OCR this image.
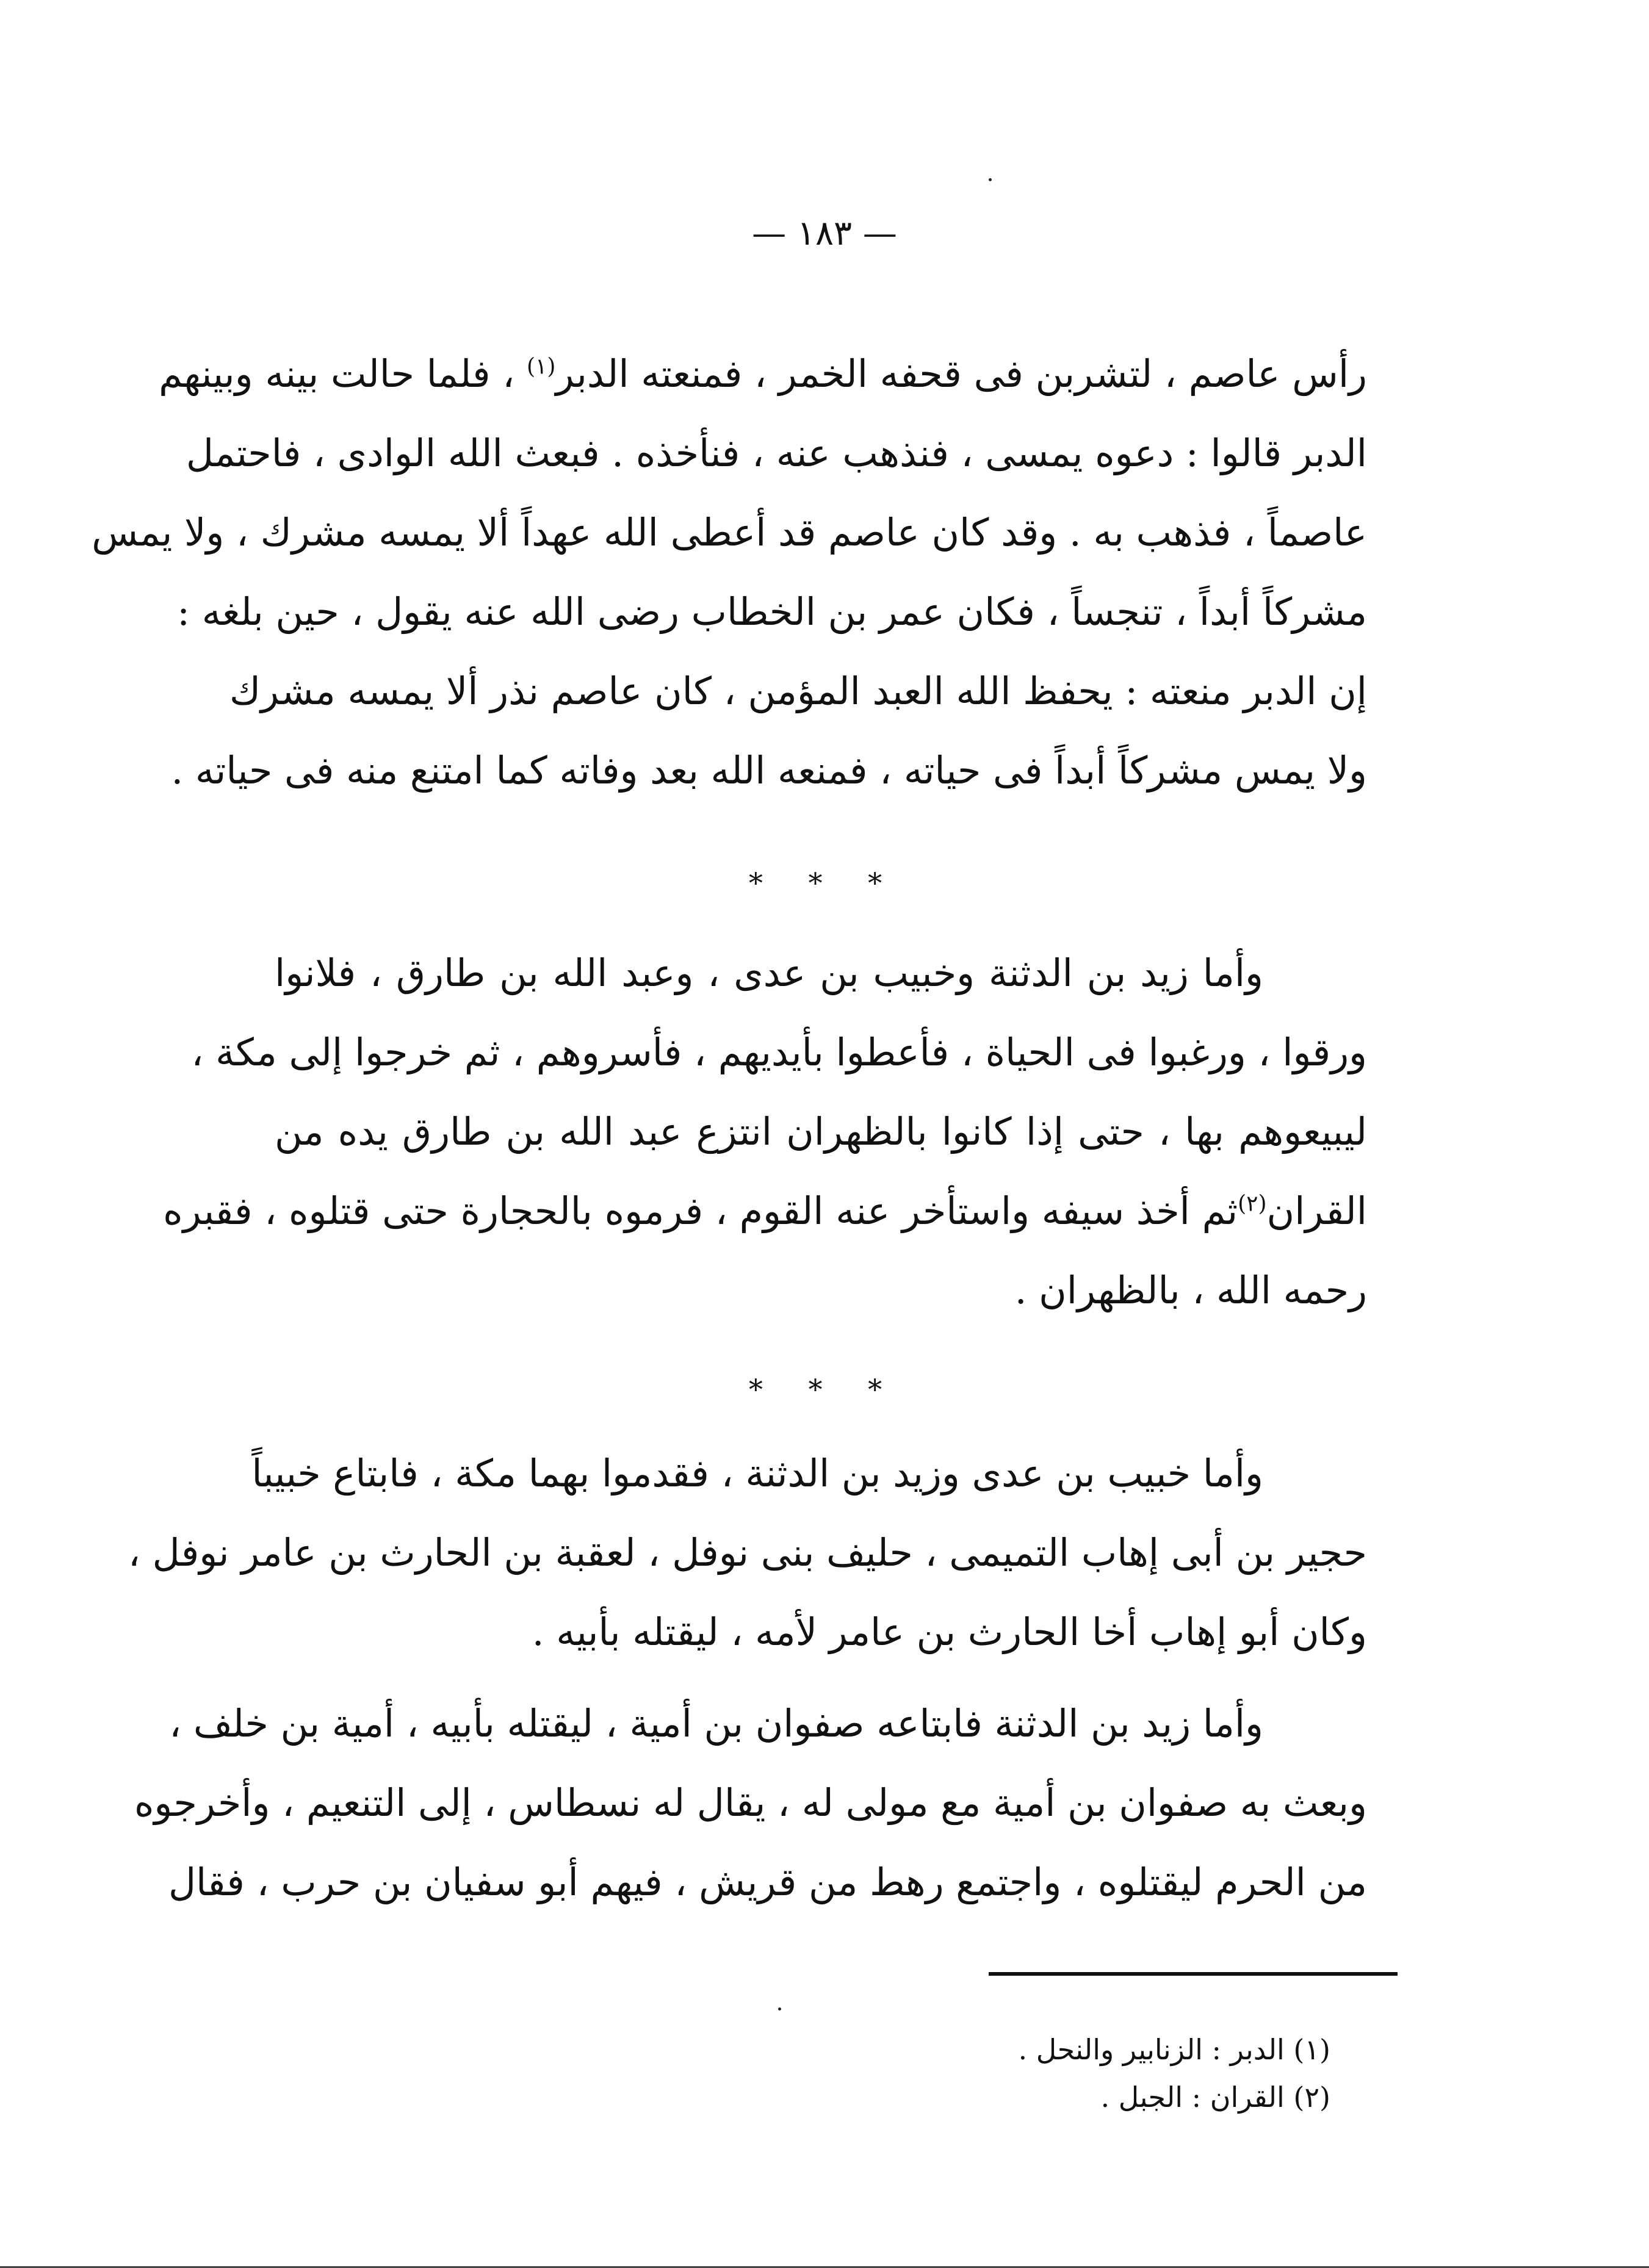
— ١٨٣ —
رأس عاصم ، لتشربن فى قحفه الخمر ، فمنعته الدبر$^{(١)}$ ، فلما حالت بينه وبينهم
الدبر قالوا : دعوه يمسى ، فنذهب عنه ، فنأخذه . فبعث الله الوادى ، فاحتمل
عاصماً ، فذهب به . وقد كان عاصم قد أعطى الله عهداً ألا يمسه مشرك ، ولا يمس
مشركاً أبداً ، تنجساً ، فكان عمر بن الخطاب رضى الله عنه يقول ، حين بلغه :
إن الدبر منعته : يحفظ الله العبد المؤمن ، كان عاصم نذر ألا يمسه مشرك
ولا يمس مشركاً أبداً فى حياته ، فمنعه الله بعد وفاته كما امتنع منه فى حياته .
* * *
وأما زيد بن الدثنة وخبيب بن عدى ، وعبد الله بن طارق ، فلانوا
ورقوا ، ورغبوا فى الحياة ، فأعطوا بأيديهم ، فأسروهم ، ثم خرجوا إلى مكة ،
ليبيعوهم بها ، حتى إذا كانوا بالظهران انتزع عبد الله بن طارق يده من
القران$^{(٢)}$ثم أخذ سيفه واستأخر عنه القوم ، فرموه بالحجارة حتى قتلوه ، فقبره
رحمه الله ، بالظهران .
* * *
وأما خبيب بن عدى وزيد بن الدثنة ، فقدموا بهما مكة ، فابتاع خبيباً
حجير بن أبى إهاب التميمى ، حليف بنى نوفل ، لعقبة بن الحارث بن عامر نوفل ،
وكان أبو إهاب أخا الحارث بن عامر لأمه ، ليقتله بأبيه .
وأما زيد بن الدثنة فابتاعه صفوان بن أمية ، ليقتله بأبيه ، أمية بن خلف ،
وبعث به صفوان بن أمية مع مولى له ، يقال له نسطاس ، إلى التنعيم ، وأخرجوه
من الحرم ليقتلوه ، واجتمع رهط من قريش ، فيهم أبو سفيان بن حرب ، فقال
(١) الدبر : الزنابير والنحل .
(٢) القران : الجبل .
